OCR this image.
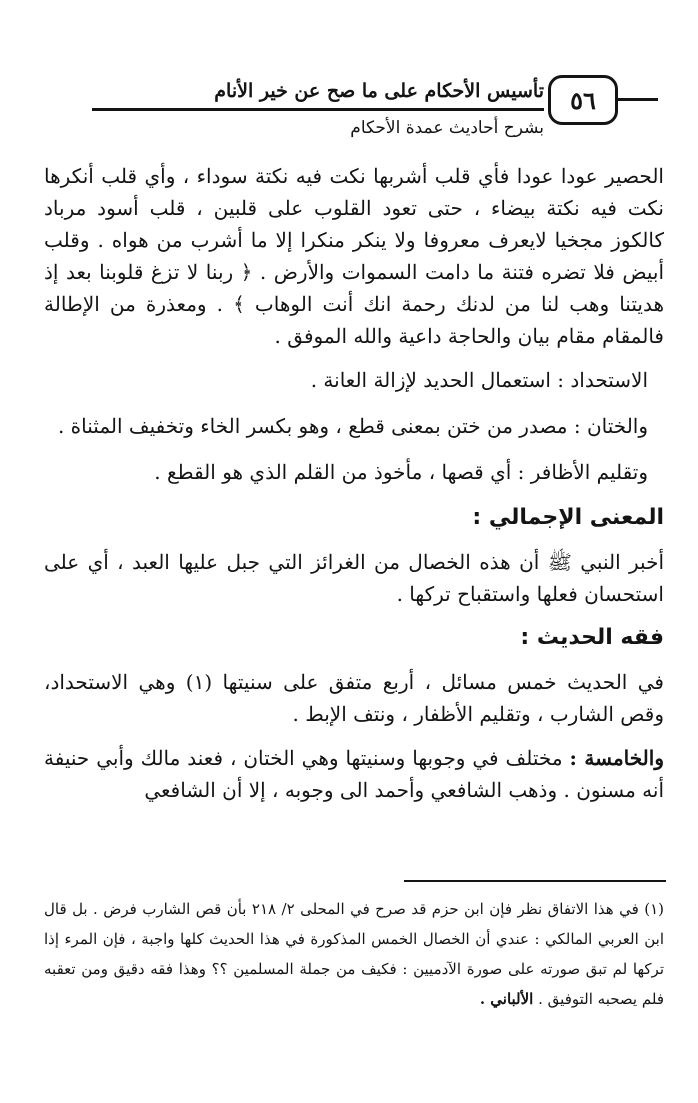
تأسيس الأحكام على ما صح عن خير الأنام	٥٦
بشرح أحاديث عمدة الأحكام

الحصير عودا عودا فأي قلب أشربها نكت فيه نكتة سوداء ، وأي قلب أنكرها نكت فيه نكتة بيضاء ، حتى تعود القلوب على قلبين ، قلب أسود مرباد كالكوز مجخيا لايعرف معروفا ولا ينكر منكرا إلا ما أشرب من هواه . وقلب أبيض فلا تضره فتنة ما دامت السموات والأرض . ﴿ ربنا لا تزغ قلوبنا بعد إذ هديتنا وهب لنا من لدنك رحمة انك أنت الوهاب ﴾ . ومعذرة من الإطالة فالمقام مقام بيان والحاجة داعية والله الموفق .

الاستحداد : استعمال الحديد لإزالة العانة .

والختان : مصدر من ختن بمعنى قطع ، وهو بكسر الخاء وتخفيف المثناة .

وتقليم الأظافر : أي قصها ، مأخوذ من القلم الذي هو القطع .

المعنى الإجمالي :

أخبر النبي ﷺ أن هذه الخصال من الغرائز التي جبل عليها العبد ، أي على استحسان فعلها واستقباح تركها .

فقه الحديث :

في الحديث خمس مسائل ، أربع متفق على سنيتها (١) وهي الاستحداد، وقص الشارب ، وتقليم الأظفار ، ونتف الإبط .

والخامسة : مختلف في وجوبها وسنيتها وهي الختان ، فعند مالك وأبي حنيفة أنه مسنون . وذهب الشافعي وأحمد الى وجوبه ، إلا أن الشافعي

(١) في هذا الاتفاق نظر فإن ابن حزم قد صرح في المحلى ٢/ ٢١٨ بأن قص الشارب فرض . بل قال ابن العربي المالكي : عندي أن الخصال الخمس المذكورة في هذا الحديث كلها واجبة ، فإن المرء إذا تركها لم تبق صورته على صورة الآدميين : فكيف من جملة المسلمين ؟؟ وهذا فقه دقيق ومن تعقبه فلم يصحبه التوفيق . الألباني .
